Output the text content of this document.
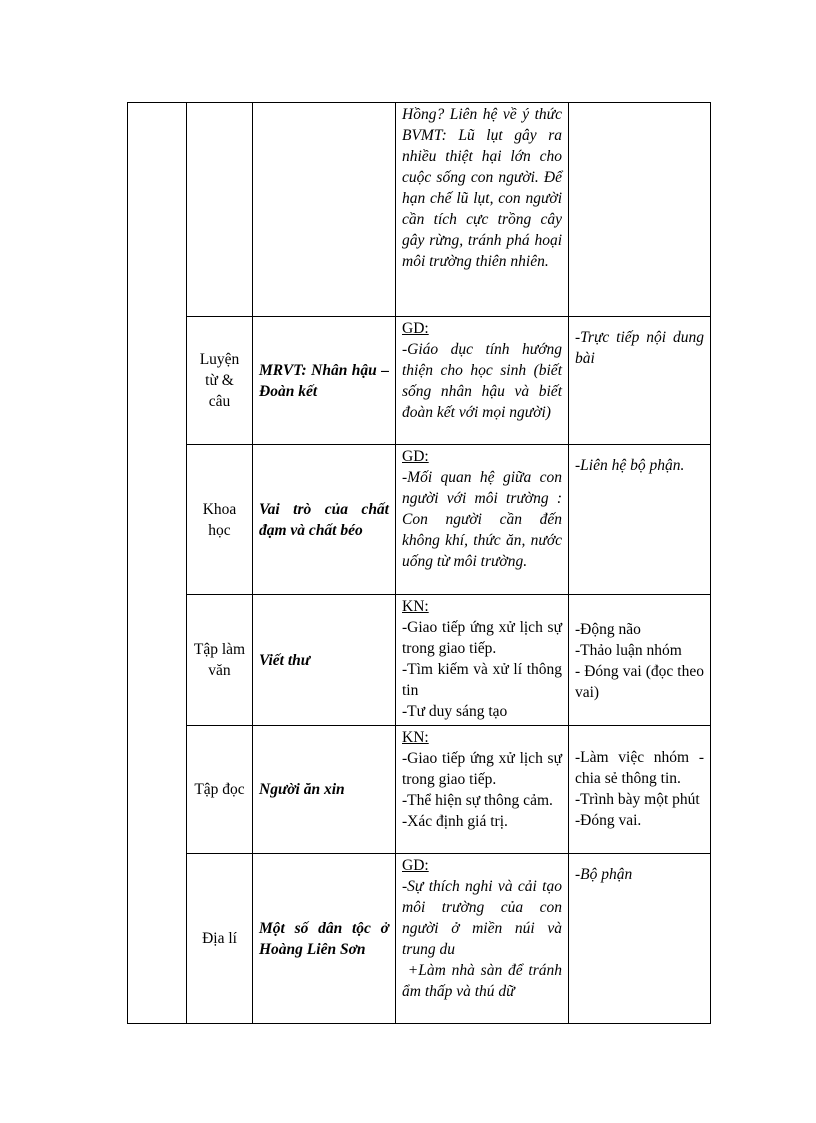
			Hồng? Liên hệ về ý thức BVMT: Lũ lụt gây ra nhiều thiệt hại lớn cho cuộc sống con người. Để hạn chế lũ lụt, con người cần tích cực trồng cây gây rừng, tránh phá hoại môi trường thiên nhiên.	

	Luyện từ & câu	MRVT: Nhân hậu – Đoàn kết	GD:
-Giáo dục tính hướng thiện cho học sinh (biết sống nhân hậu và biết đoàn kết với mọi người)	-Trực tiếp nội dung bài

	Khoa học	Vai trò của chất đạm và chất béo	GD:
-Mối quan hệ giữa con người với môi trường : Con người cần đến không khí, thức ăn, nước uống từ môi trường.	-Liên hệ bộ phận.

	Tập làm văn	Viết thư	KN:
-Giao tiếp ứng xử lịch sự trong giao tiếp.
-Tìm kiếm và xử lí thông tin
-Tư duy sáng tạo	-Động não
-Thảo luận nhóm
- Đóng vai (đọc theo vai)

	Tập đọc	Người ăn xin	KN:
-Giao tiếp ứng xử lịch sự trong giao tiếp.
-Thể hiện sự thông cảm.
-Xác định giá trị.	-Làm việc nhóm - chia sẻ thông tin.
-Trình bày một phút
-Đóng vai.

	Địa lí	Một số dân tộc ở Hoàng Liên Sơn	GD:
-Sự thích nghi và cải tạo môi trường của con người ở miền núi và trung du
+Làm nhà sàn để tránh ẩm thấp và thú dữ	-Bộ phận
